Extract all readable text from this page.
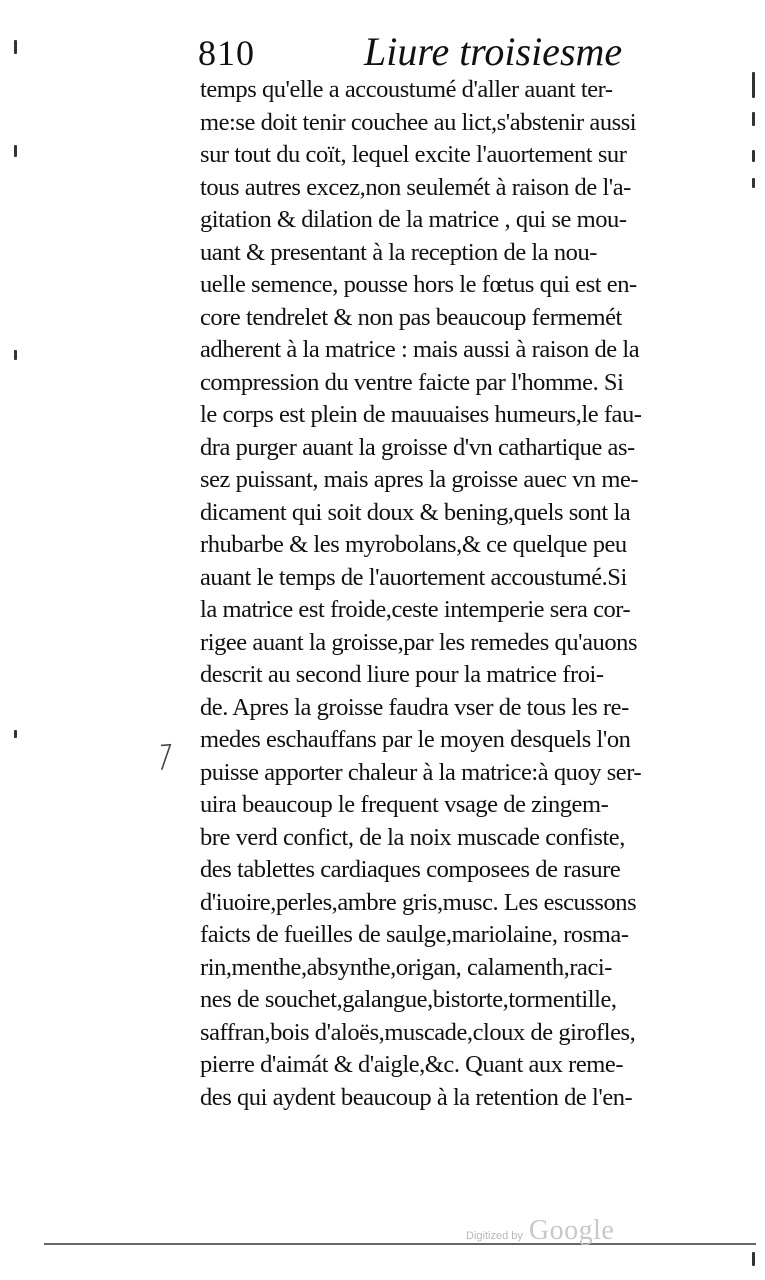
810	Liure troisiesme
temps qu'elle a accoustumé d'aller auant ter-
me:se doit tenir couchee au lict,s'abstenir aussi
sur tout du coït, lequel excite l'auortement sur
tous autres excez,non seulemét à raison de l'a-
gitation & dilation de la matrice , qui se mou-
uant & presentant à la reception de la nou-
uelle semence, pousse hors le fœtus qui est en-
core tendrelet & non pas beaucoup fermemét
adherent à la matrice : mais aussi à raison de la
compression du ventre faicte par l'homme. Si
le corps est plein de mauuaises humeurs,le fau-
dra purger auant la groisse d'vn cathartique as-
sez puissant, mais apres la groisse auec vn me-
dicament qui soit doux & bening,quels sont la
rhubarbe & les myrobolans,& ce quelque peu
auant le temps de l'auortement accoustumé.Si
la matrice est froide,ceste intemperie sera cor-
rigee auant la groisse,par les remedes qu'auons
descrit au second liure pour la matrice froi-
de. Apres la groisse faudra vser de tous les re-
medes eschauffans par le moyen desquels l'on
puisse apporter chaleur à la matrice:à quoy ser-
uira beaucoup le frequent vsage de zingem-
bre verd confict, de la noix muscade confiste,
des tablettes cardiaques composees de rasure
d'iuoire,perles,ambre gris,musc. Les escussons
faicts de fueilles de saulge,mariolaine, rosma-
rin,menthe,absynthe,origan, calamenth,raci-
nes de souchet,galangue,bistorte,tormentille,
saffran,bois d'aloës,muscade,cloux de girofles,
pierre d'aimát & d'aigle,&c. Quant aux reme-
des qui aydent beaucoup à la retention de l'en-
Digitized by Google
